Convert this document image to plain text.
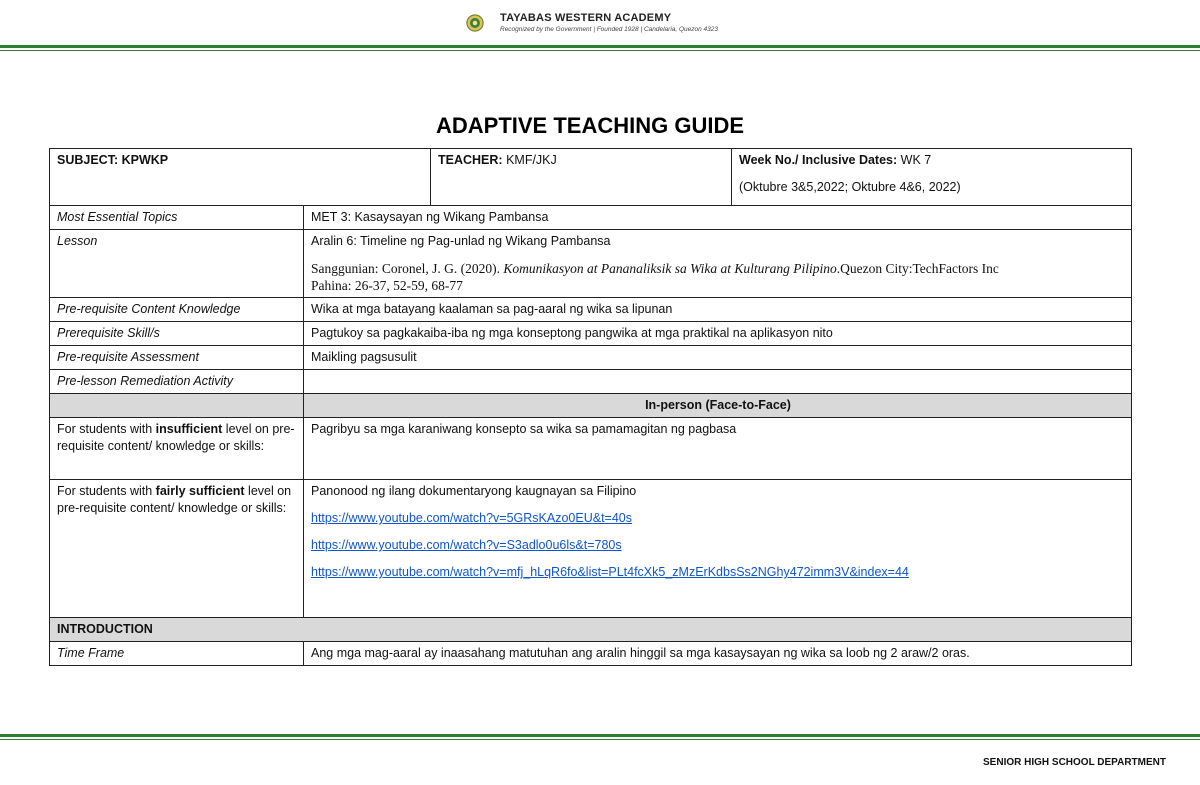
TAYABAS WESTERN ACADEMY
Recognized by the Government | Founded 1928 | Candelaria, Quezon 4323
ADAPTIVE TEACHING GUIDE
SUBJECT: KPWKP		TEACHER: KMF/JKJ	Week No./ Inclusive Dates: WK 7

(Oktubre 3&5,2022; Oktubre 4&6, 2022)

Most Essential Topics	MET 3: Kasaysayan ng Wikang Pambansa		
Lesson	Aralin 6: Timeline ng Pag-unlad ng Wikang Pambansa

Sanggunian: Coronel, J. G. (2020). Komunikasyon at Pananaliksik sa Wika at Kulturang Pilipino.Quezon City:TechFactors Inc

Pahina: 26-37, 52-59, 68-77		

Pre-requisite Content Knowledge	Wika at mga batayang kaalaman sa pag-aaral ng wika sa lipunan		
Prerequisite Skill/s	Pagtukoy sa pagkakaiba-iba ng mga konseptong pangwika at mga praktikal na aplikasyon nito		
Pre-requisite Assessment	Maikling pagsusulit		
Pre-lesson Remediation Activity			
	In-person (Face-to-Face)		
For students with insufficient level on pre-requisite content/ knowledge or skills:	Pagribyu sa mga karaniwang konsepto sa wika sa pamamagitan ng pagbasa		
For students with fairly sufficient level on pre-requisite content/ knowledge or skills:	Panonood ng ilang dokumentaryong kaugnayan sa Filipino

https://www.youtube.com/watch?v=5GRsKAzo0EU&t=40s
https://www.youtube.com/watch?v=S3adlo0u6ls&t=780s
https://www.youtube.com/watch?v=mfj_hLqR6fo&list=PLt4fcXk5_zMzErKdbsSs2NGhy472imm3V&index=44		

INTRODUCTION			
Time Frame	Ang mga mag-aaral ay inaasahang matutuhan ang aralin hinggil sa mga kasaysayan ng wika sa loob ng 2 araw/2 oras.		
SENIOR HIGH SCHOOL DEPARTMENT
